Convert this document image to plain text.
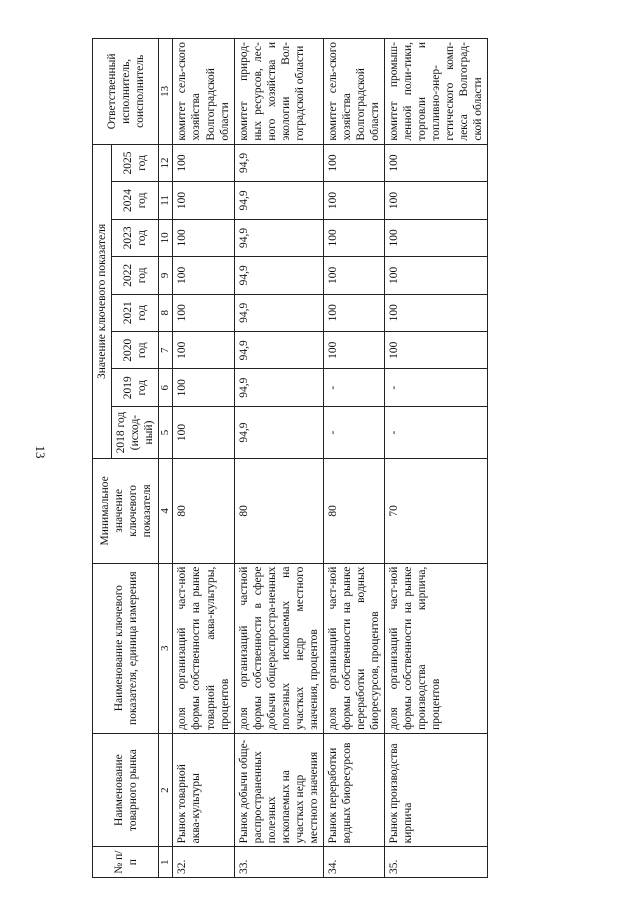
13
№ п/п	Наименование товарного рынка	Наименование ключевого показателя, единица измерения	Минимальное значение ключевого показателя	Значение ключевого показателя								Ответственный исполнитель, соисполнитель
				2018 год (исход-ный)	2019 год	2020 год	2021 год	2022 год	2023 год	2024 год	2025 год	
1	2	3	4	5	6	7	8	9	10	11	12	13
32.	Рынок товарной аква-культуры	доля организаций част-ной формы собственности на рынке товарной аква-культуры, процентов	80	100	100	100	100	100	100	100	100	комитет сель-ского хозяйства Волгоградской области
33.	Рынок добычи обще-распространенных полезных ископаемых на участках недр местного значения	доля организаций частной формы собственности в сфере добычи общераспростра-ненных полезных ископаемых на участках недр местного значения, процентов	80	94,9	94,9	94,9	94,9	94,9	94,9	94,9	94,9	комитет природ-ных ресурсов, лес-ного хозяйства и экологии Вол-гоградской области
34.	Рынок переработки водных биоресурсов	доля организаций част-ной формы собственности на рынке переработки водных биоресурсов, процентов	80	-	-	100	100	100	100	100	100	комитет сель-ского хозяйства Волгоградской области
35.	Рынок производства кирпича	доля организаций част-ной формы собственности на рынке производства кирпича, процентов	70	-	-	100	100	100	100	100	100	комитет промыш-ленной поли-тики, торговли и топливно-энер-гетического комп-лекса Волгоград-ской области
